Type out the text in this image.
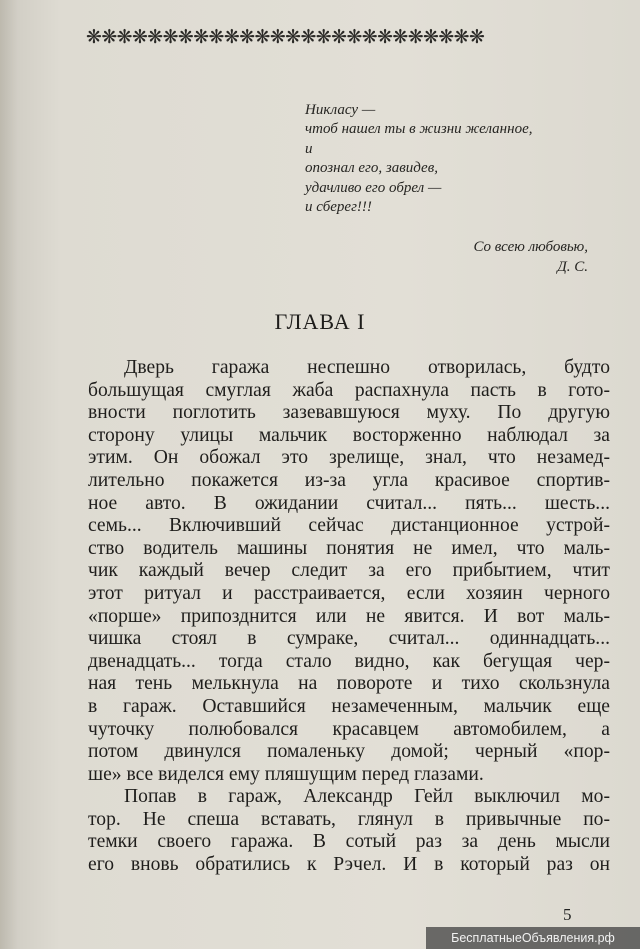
❋❋❋❋❋❋❋❋❋❋❋❋❋❋❋❋❋❋❋❋❋❋❋❋❋❋
Никласу —
чтоб нашел ты в жизни желанное,
и
опознал его, завидев,
удачливо его обрел —
и сберег!!!
Со всею любовью,
Д. С.
ГЛАВА I
Дверь гаража неспешно отворилась, будто
большущая смуглая жаба распахнула пасть в гото-
вности поглотить зазевавшуюся муху. По другую
сторону улицы мальчик восторженно наблюдал за
этим. Он обожал это зрелище, знал, что незамед-
лительно покажется из-за угла красивое спортив-
ное авто. В ожидании считал... пять... шесть...
семь... Включивший сейчас дистанционное устрой-
ство водитель машины понятия не имел, что маль-
чик каждый вечер следит за его прибытием, чтит
этот ритуал и расстраивается, если хозяин черного
«порше» припозднится или не явится. И вот маль-
чишка стоял в сумраке, считал... одиннадцать...
двенадцать... тогда стало видно, как бегущая чер-
ная тень мелькнула на повороте и тихо скользнула
в гараж. Оставшийся незамеченным, мальчик еще
чуточку полюбовался красавцем автомобилем, а
потом двинулся помаленьку домой; черный «пор-
ше» все виделся ему пляшущим перед глазами.
Попав в гараж, Александр Гейл выключил мо-
тор. Не спеша вставать, глянул в привычные по-
темки своего гаража. В сотый раз за день мысли
его вновь обратились к Рэчел. И в который раз он
5
БесплатныеОбъявления.рф
